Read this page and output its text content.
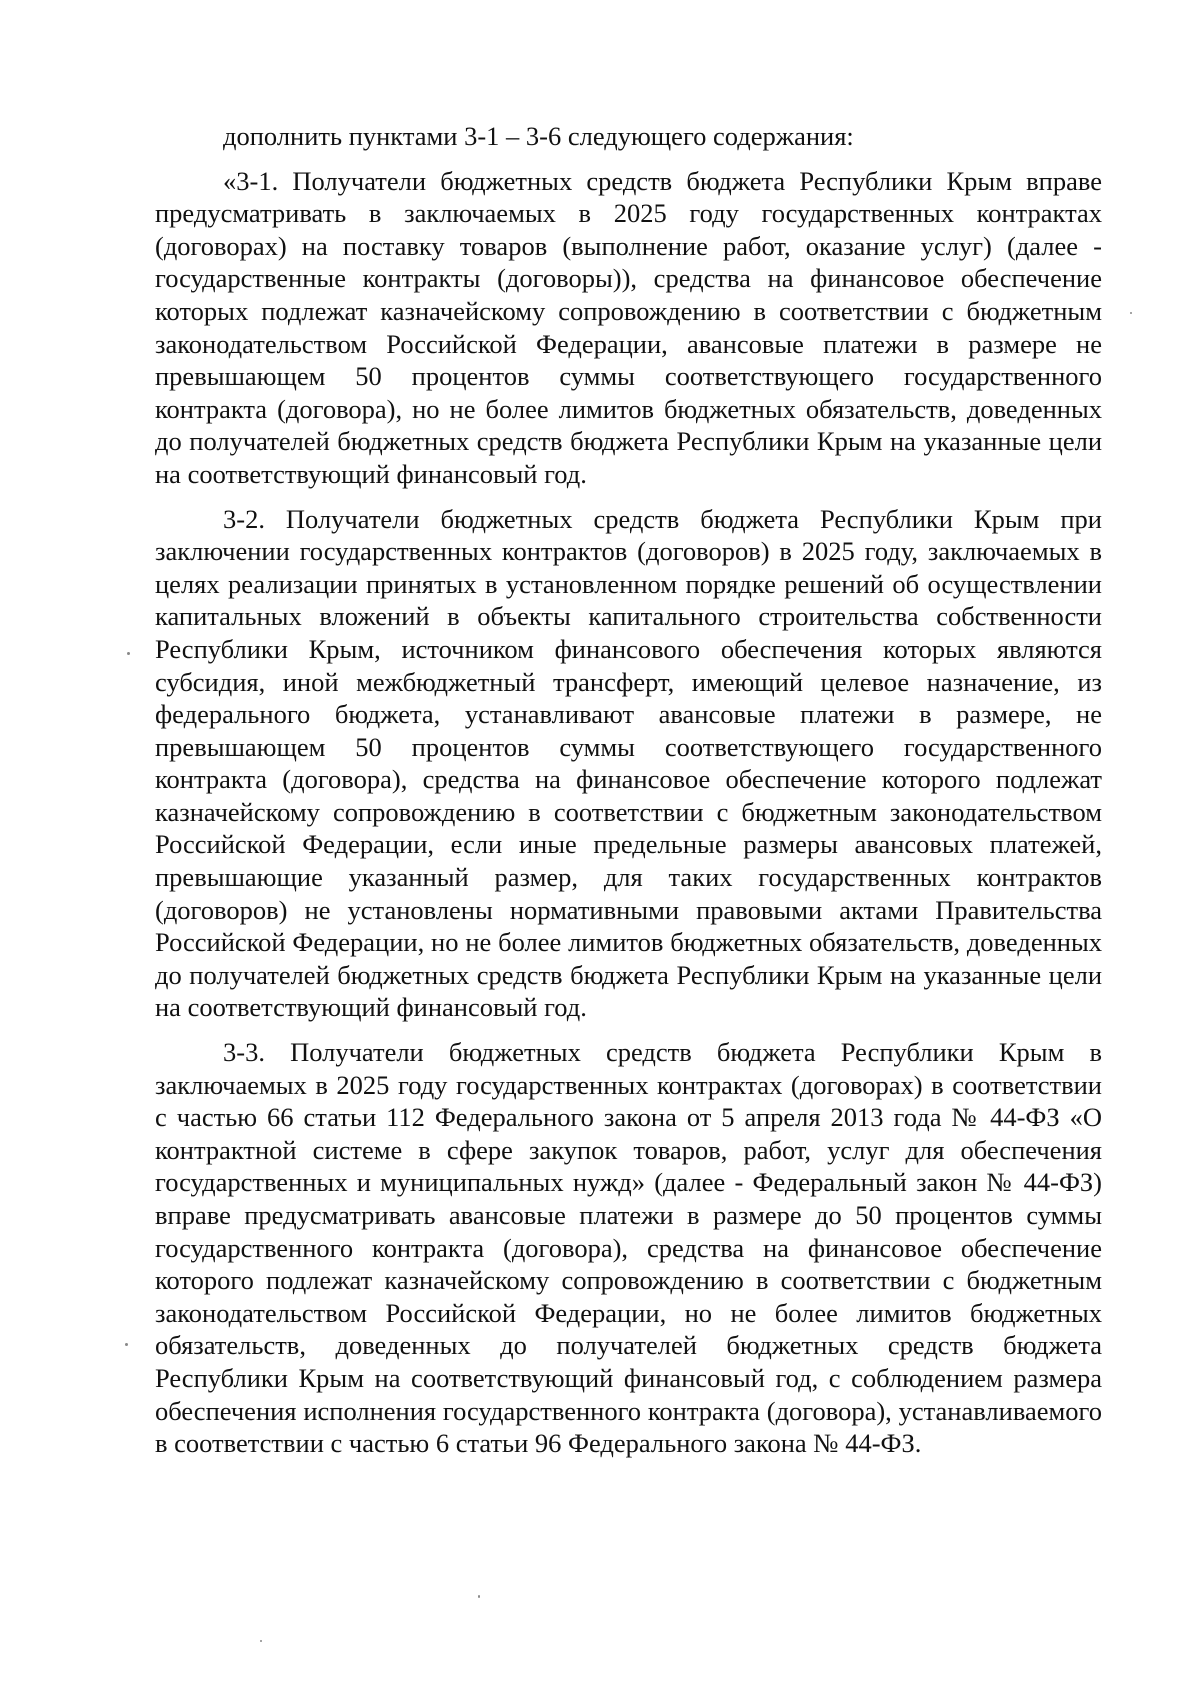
дополнить пунктами 3-1 – 3-6 следующего содержания:

«3-1. Получатели бюджетных средств бюджета Республики Крым вправе предусматривать в заключаемых в 2025 году государственных контрактах (договорах) на поставку товаров (выполнение работ, оказание услуг) (далее - государственные контракты (договоры)), средства на финансовое обеспечение которых подлежат казначейскому сопровождению в соответствии с бюджетным законодательством Российской Федерации, авансовые платежи в размере не превышающем 50 процентов суммы соответствующего государственного контракта (договора), но не более лимитов бюджетных обязательств, доведенных до получателей бюджетных средств бюджета Республики Крым на указанные цели на соответствующий финансовый год.

3-2. Получатели бюджетных средств бюджета Республики Крым при заключении государственных контрактов (договоров) в 2025 году, заключаемых в целях реализации принятых в установленном порядке решений об осуществлении капитальных вложений в объекты капитального строительства собственности Республики Крым, источником финансового обеспечения которых являются субсидия, иной межбюджетный трансферт, имеющий целевое назначение, из федерального бюджета, устанавливают авансовые платежи в размере, не превышающем 50 процентов суммы соответствующего государственного контракта (договора), средства на финансовое обеспечение которого подлежат казначейскому сопровождению в соответствии с бюджетным законодательством Российской Федерации, если иные предельные размеры авансовых платежей, превышающие указанный размер, для таких государственных контрактов (договоров) не установлены нормативными правовыми актами Правительства Российской Федерации, но не более лимитов бюджетных обязательств, доведенных до получателей бюджетных средств бюджета Республики Крым на указанные цели на соответствующий финансовый год.

3-3. Получатели бюджетных средств бюджета Республики Крым в заключаемых в 2025 году государственных контрактах (договорах) в соответствии с частью 66 статьи 112 Федерального закона от 5 апреля 2013 года № 44-ФЗ «О контрактной системе в сфере закупок товаров, работ, услуг для обеспечения государственных и муниципальных нужд» (далее - Федеральный закон № 44-ФЗ) вправе предусматривать авансовые платежи в размере до 50 процентов суммы государственного контракта (договора), средства на финансовое обеспечение которого подлежат казначейскому сопровождению в соответствии с бюджетным законодательством Российской Федерации, но не более лимитов бюджетных обязательств, доведенных до получателей бюджетных средств бюджета Республики Крым на соответствующий финансовый год, с соблюдением размера обеспечения исполнения государственного контракта (договора), устанавливаемого в соответствии с частью 6 статьи 96 Федерального закона № 44-ФЗ.
